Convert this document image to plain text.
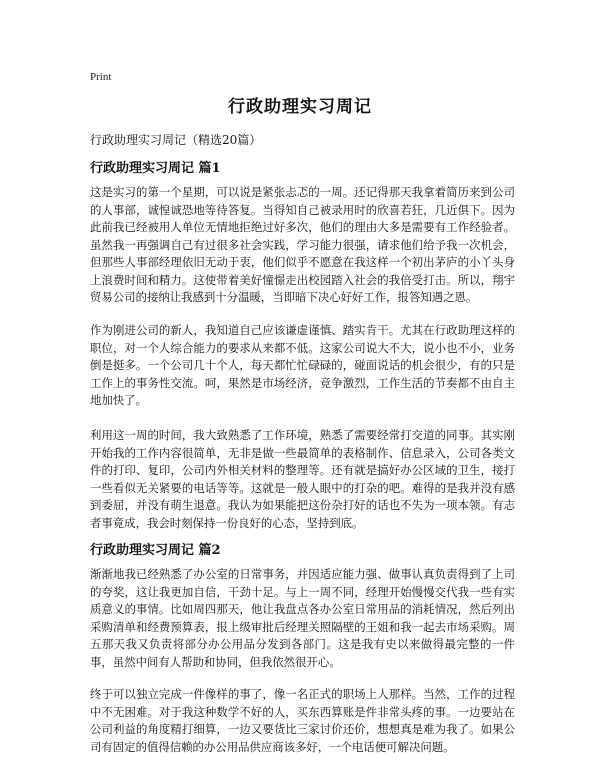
Print
行政助理实习周记
行政助理实习周记（精选20篇）
行政助理实习周记 篇1
这是实习的第一个星期，可以说是紧张忐忑的一周。还记得那天我拿着简历来到公司的人事部，诚惶诚恐地等待答复。当得知自己被录用时的欣喜若狂，几近俱下。因为此前我已经被用人单位无情地拒绝过好多次，他们的理由大多是需要有工作经验者。虽然我一再强调自己有过很多社会实践，学习能力很强，请求他们给予我一次机会，但那些人事部经理依旧无动于衷，他们似乎不愿意在我这样一个初出茅庐的小丫头身上浪费时间和精力。这使带着美好憧憬走出校园踏入社会的我倍受打击。所以，翔宇贸易公司的接纳让我感到十分温暖，当即暗下决心好好工作，报答知遇之恩。
作为刚进公司的新人，我知道自己应该谦虚谨慎、踏实肯干。尤其在行政助理这样的职位，对一个人综合能力的要求从来都不低。这家公司说大不大，说小也不小，业务倒是挺多。一个公司几十个人，每天都忙忙碌碌的，碰面说话的机会很少，有的只是工作上的事务性交流。呵，果然是市场经济，竞争激烈，工作生活的节奏都不由自主地加快了。
利用这一周的时间，我大致熟悉了工作环境，熟悉了需要经常打交道的同事。其实刚开始我的工作内容很简单，无非是做一些最简单的表格制作、信息录入，公司各类文件的打印、复印，公司内外相关材料的整理等。还有就是搞好办公区域的卫生，接打一些看似无关紧要的电话等等。这就是一般人眼中的打杂的吧。难得的是我并没有感到委屈，并没有萌生退意。我认为如果能把这份杂打好的话也不失为一项本领。有志者事竟成，我会时刻保持一份良好的心态，坚持到底。
行政助理实习周记 篇2
渐渐地我已经熟悉了办公室的日常事务，并因适应能力强、做事认真负责得到了上司的夸奖，这让我更加自信，干劲十足。与上一周不同，经理开始慢慢交代我一些有实质意义的事情。比如周四那天，他让我盘点各办公室日常用品的消耗情况，然后列出采购清单和经费预算表，报上级审批后经理关照隔壁的王姐和我一起去市场采购。周五那天我又负责将部分办公用品分发到各部门。这是我有史以来做得最完整的一件事，虽然中间有人帮助和协同，但我依然很开心。
终于可以独立完成一件像样的事了，像一名正式的职场上人那样。当然，工作的过程中不无困难。对于我这种数学不好的人，买东西算账是件非常头疼的事。一边要站在公司利益的角度精打细算，一边又要货比三家讨价还价，想想真是难为我了。如果公司有固定的值得信赖的办公用品供应商该多好，一个电话便可解决问题。
